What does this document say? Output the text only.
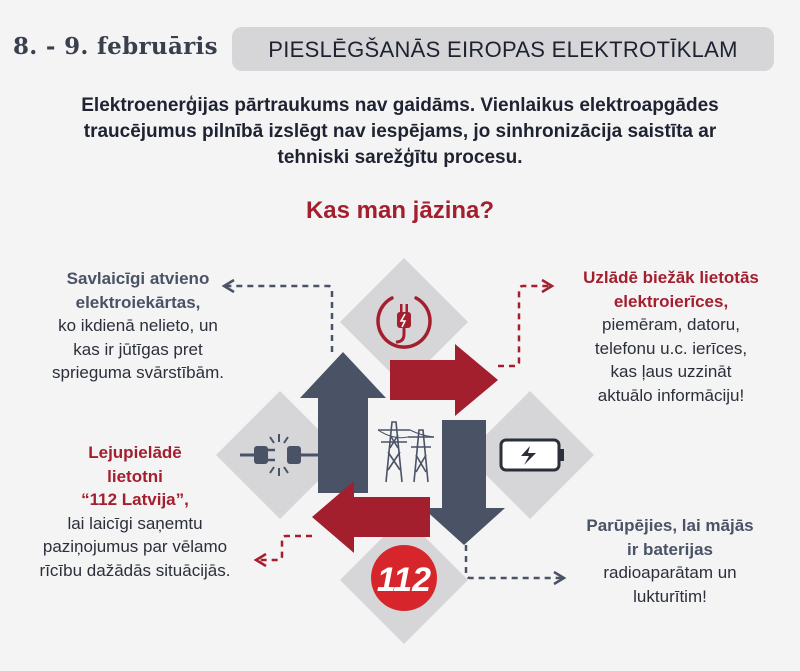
8. - 9. februāris	PIESLĒGŠANĀS EIROPAS ELEKTROTĪKLAM
Elektroenerģijas pārtraukums nav gaidāms. Vienlaikus elektroapgādes
traucējumus pilnībā izslēgt nav iespējams, jo sinhronizācija saistīta ar
tehniski sarežģītu procesu.
Kas man jāzina?
112
Savlaicīgi atvieno
elektroiekārtas,
ko ikdienā nelieto, un
kas ir jūtīgas pret
sprieguma svārstībām.
Uzlādē biežāk lietotās
elektroierīces,
piemēram, datoru,
telefonu u.c. ierīces,
kas ļaus uzzināt
aktuālo informāciju!
Lejupielādē
lietotni
“112 Latvija”,
lai laicīgi saņemtu
paziņojumus par vēlamo
rīcību dažādās situācijās.
Parūpējies, lai mājās
ir baterijas
radioaparātam un
lukturītim!
